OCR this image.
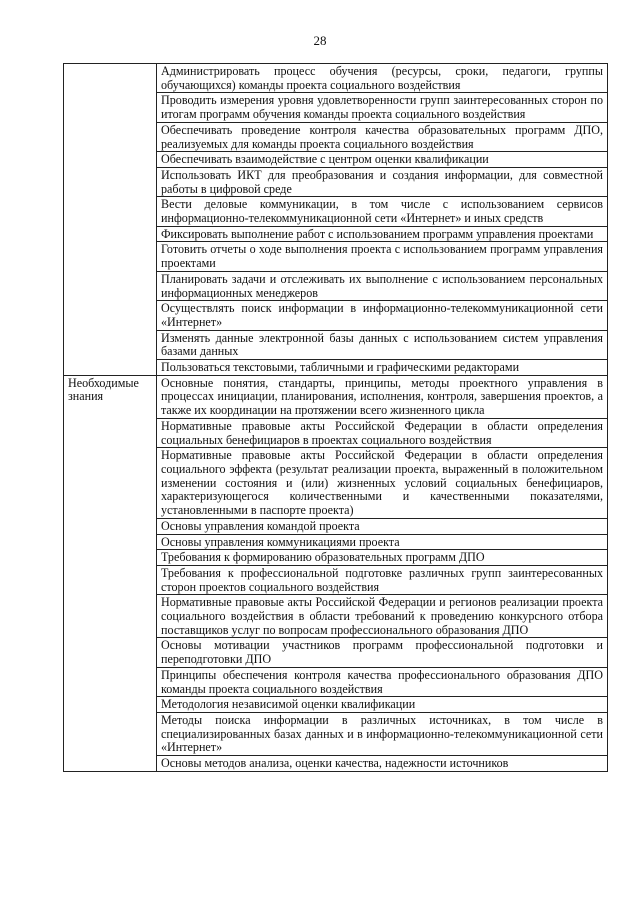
28
	Администрировать процесс обучения (ресурсы, сроки, педагоги, группы обучающихся) команды проекта социального воздействия
	Проводить измерения уровня удовлетворенности групп заинтересованных сторон по итогам программ обучения команды проекта социального воздействия
	Обеспечивать проведение контроля качества образовательных программ ДПО, реализуемых для команды проекта социального воздействия
	Обеспечивать взаимодействие с центром оценки квалификации
	Использовать ИКТ для преобразования и создания информации, для совместной работы в цифровой среде
	Вести деловые коммуникации, в том числе с использованием сервисов информационно-телекоммуникационной сети «Интернет» и иных средств
	Фиксировать выполнение работ с использованием программ управления проектами
	Готовить отчеты о ходе выполнения проекта с использованием программ управления проектами
	Планировать задачи и отслеживать их выполнение с использованием персональных информационных менеджеров
	Осуществлять поиск информации в информационно-телекоммуникационной сети «Интернет»
	Изменять данные электронной базы данных с использованием систем управления базами данных
	Пользоваться текстовыми, табличными и графическими редакторами
Необходимые знания	Основные понятия, стандарты, принципы, методы проектного управления в процессах инициации, планирования, исполнения, контроля, завершения проектов, а также их координации на протяжении всего жизненного цикла
	Нормативные правовые акты Российской Федерации в области определения социальных бенефициаров в проектах социального воздействия
	Нормативные правовые акты Российской Федерации в области определения социального эффекта (результат реализации проекта, выраженный в положительном изменении состояния и (или) жизненных условий социальных бенефициаров, характеризующегося количественными и качественными показателями, установленными в паспорте проекта)
	Основы управления командой проекта
	Основы управления коммуникациями проекта
	Требования к формированию образовательных программ ДПО
	Требования к профессиональной подготовке различных групп заинтересованных сторон проектов социального воздействия
	Нормативные правовые акты Российской Федерации и регионов реализации проекта социального воздействия в области требований к проведению конкурсного отбора поставщиков услуг по вопросам профессионального образования ДПО
	Основы мотивации участников программ профессиональной подготовки и переподготовки ДПО
	Принципы обеспечения контроля качества профессионального образования ДПО команды проекта социального воздействия
	Методология независимой оценки квалификации
	Методы поиска информации в различных источниках, в том числе в специализированных базах данных и в информационно-телекоммуникационной сети «Интернет»
	Основы методов анализа, оценки качества, надежности источников
